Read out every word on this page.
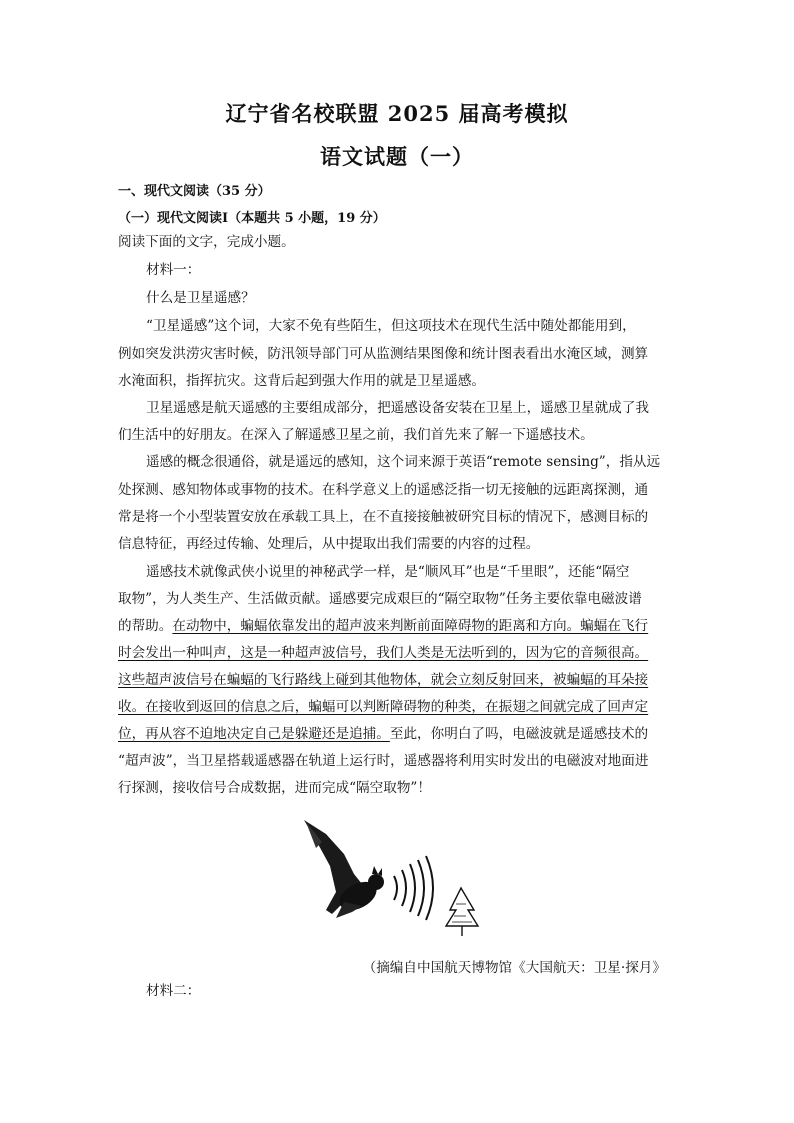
辽宁省名校联盟 2025 届高考模拟
语文试题（一）
一、现代文阅读（35 分）
（一）现代文阅读Ⅰ（本题共 5 小题，19 分）
阅读下面的文字，完成小题。
材料一：
什么是卫星遥感？
“卫星遥感”这个词，大家不免有些陌生，但这项技术在现代生活中随处都能用到，
例如突发洪涝灾害时候，防汛领导部门可从监测结果图像和统计图表看出水淹区域，测算
水淹面积，指挥抗灾。这背后起到强大作用的就是卫星遥感。
卫星遥感是航天遥感的主要组成部分，把遥感设备安装在卫星上，遥感卫星就成了我
们生活中的好朋友。在深入了解遥感卫星之前，我们首先来了解一下遥感技术。
遥感的概念很通俗，就是遥远的感知，这个词来源于英语“remote sensing”，指从远
处探测、感知物体或事物的技术。在科学意义上的遥感泛指一切无接触的远距离探测，通
常是将一个小型装置安放在承载工具上，在不直接接触被研究目标的情况下，感测目标的
信息特征，再经过传输、处理后，从中提取出我们需要的内容的过程。
遥感技术就像武侠小说里的神秘武学一样，是“顺风耳”也是“千里眼”，还能“隔空
取物”，为人类生产、生活做贡献。遥感要完成艰巨的“隔空取物”任务主要依靠电磁波谱
的帮助。在动物中，蝙蝠依靠发出的超声波来判断前面障碍物的距离和方向。蝙蝠在飞行
时会发出一种叫声，这是一种超声波信号，我们人类是无法听到的，因为它的音频很高。
这些超声波信号在蝙蝠的飞行路线上碰到其他物体，就会立刻反射回来，被蝙蝠的耳朵接
收。在接收到返回的信息之后，蝙蝠可以判断障碍物的种类，在振翅之间就完成了回声定
位，再从容不迫地决定自己是躲避还是追捕。至此，你明白了吗，电磁波就是遥感技术的
“超声波”，当卫星搭载遥感器在轨道上运行时，遥感器将利用实时发出的电磁波对地面进
行探测，接收信号合成数据，进而完成“隔空取物”！
（摘编自中国航天博物馆《大国航天：卫星·探月》
材料二：
